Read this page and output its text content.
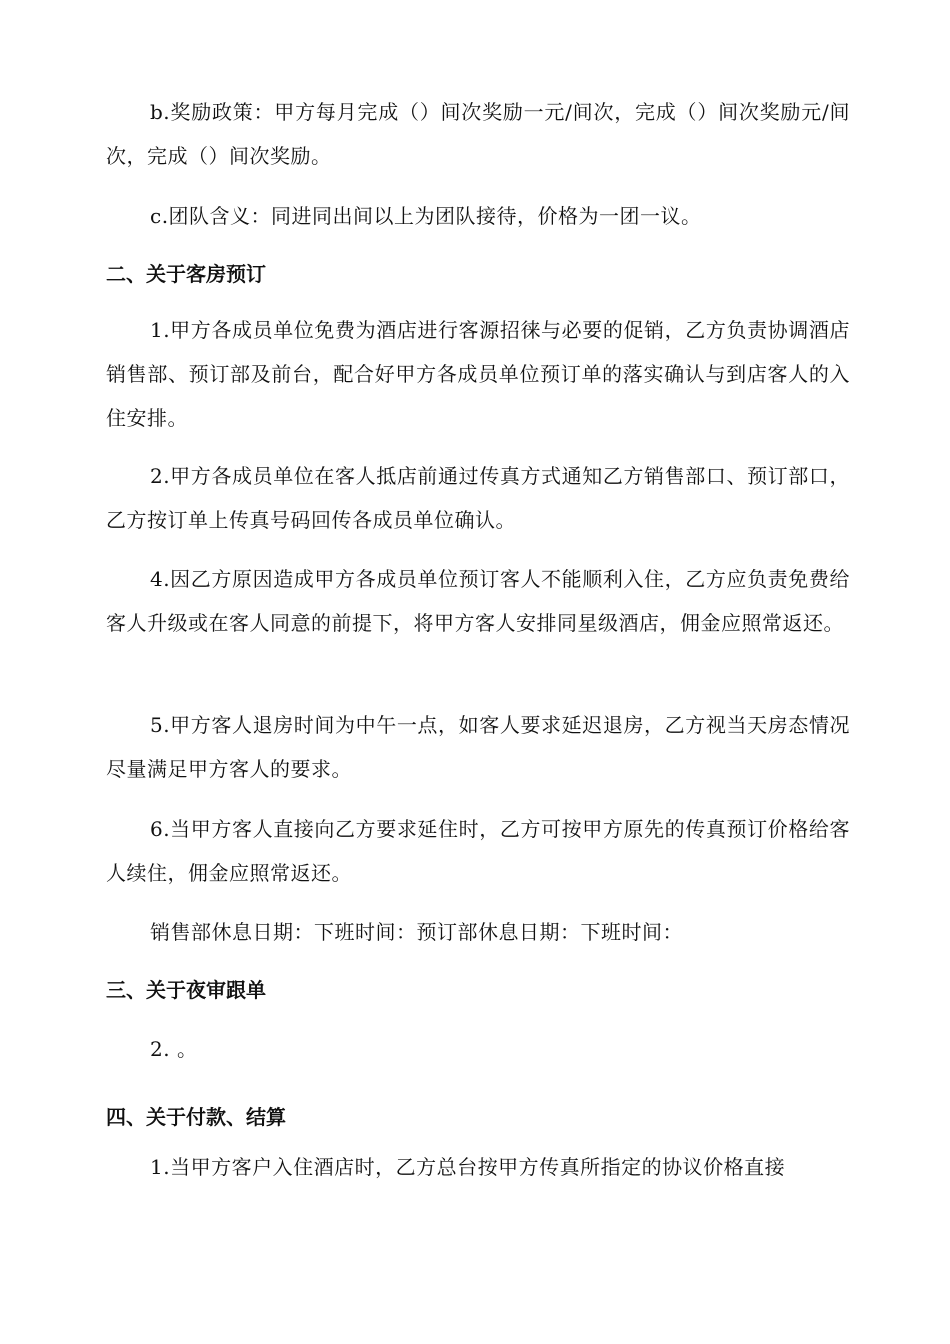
b.奖励政策：甲方每月完成（）间次奖励一元/间次，完成（）间次奖励元/间次，完成（）间次奖励。

c.团队含义：同进同出间以上为团队接待，价格为一团一议。

二、关于客房预订

1.甲方各成员单位免费为酒店进行客源招徕与必要的促销，乙方负责协调酒店销售部、预订部及前台，配合好甲方各成员单位预订单的落实确认与到店客人的入住安排。

2.甲方各成员单位在客人抵店前通过传真方式通知乙方销售部口、预订部口，乙方按订单上传真号码回传各成员单位确认。

4.因乙方原因造成甲方各成员单位预订客人不能顺利入住，乙方应负责免费给客人升级或在客人同意的前提下，将甲方客人安排同星级酒店，佣金应照常返还。

5.甲方客人退房时间为中午一点，如客人要求延迟退房，乙方视当天房态情况尽量满足甲方客人的要求。

6.当甲方客人直接向乙方要求延住时，乙方可按甲方原先的传真预订价格给客人续住，佣金应照常返还。

销售部休息日期：下班时间：预订部休息日期：下班时间：

三、关于夜审跟单

2. 。

四、关于付款、结算

1.当甲方客户入住酒店时，乙方总台按甲方传真所指定的协议价格直接
